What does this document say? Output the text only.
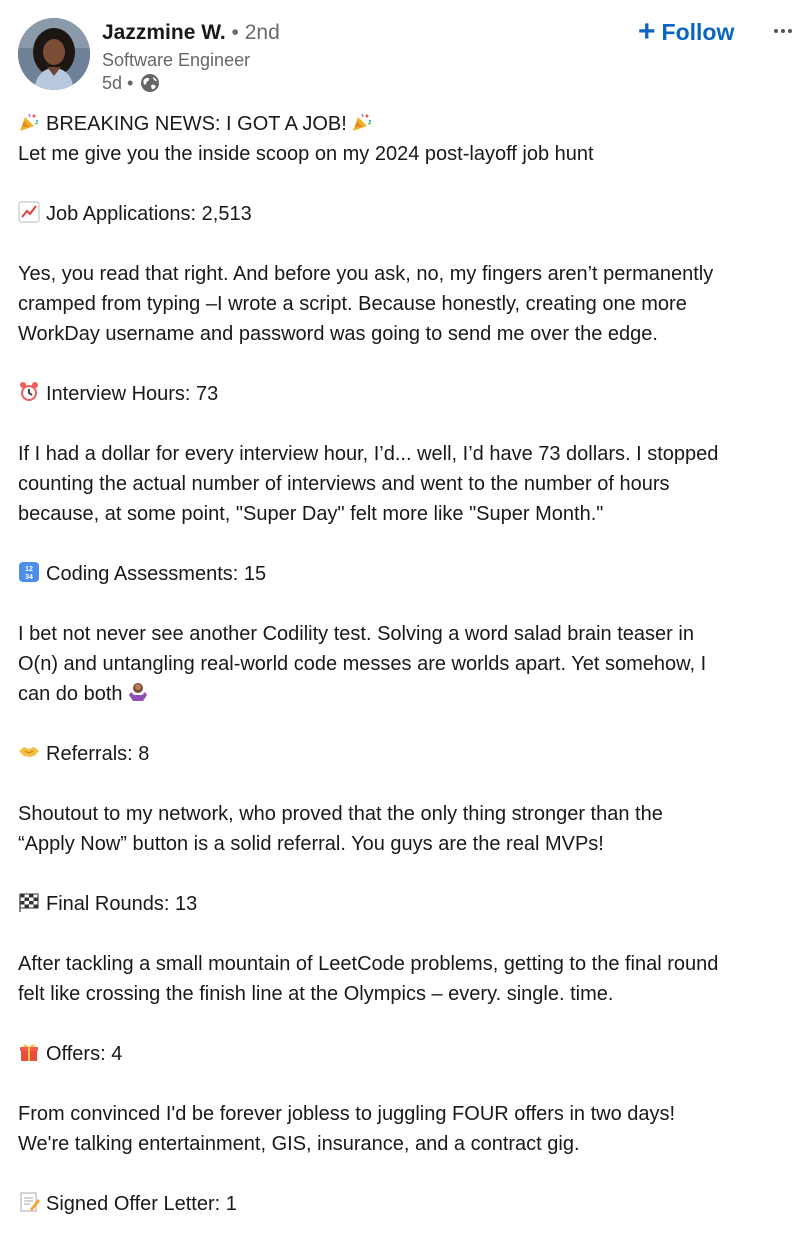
Jazzmine W. • 2nd
Software Engineer
5d •
+ Follow

BREAKING NEWS: I GOT A JOB!

Let me give you the inside scoop on my 2024 post-layoff job hunt

Job Applications: 2,513

Yes, you read that right. And before you ask, no, my fingers aren’t permanently

cramped from typing –I wrote a script. Because honestly, creating one more

WorkDay username and password was going to send me over the edge.

Interview Hours: 73

If I had a dollar for every interview hour, I’d... well, I’d have 73 dollars. I stopped

counting the actual number of interviews and went to the number of hours

because, at some point, "Super Day" felt more like "Super Month."

12
34 Coding Assessments: 15

I bet not never see another Codility test. Solving a word salad brain teaser in

O(n) and untangling real-world code messes are worlds apart. Yet somehow, I

can do both

Referrals: 8

Shoutout to my network, who proved that the only thing stronger than the

“Apply Now” button is a solid referral. You guys are the real MVPs!

Final Rounds: 13

After tackling a small mountain of LeetCode problems, getting to the final round

felt like crossing the finish line at the Olympics – every. single. time.

Offers: 4

From convinced I'd be forever jobless to juggling FOUR offers in two days!

We're talking entertainment, GIS, insurance, and a contract gig.

Signed Offer Letter: 1
